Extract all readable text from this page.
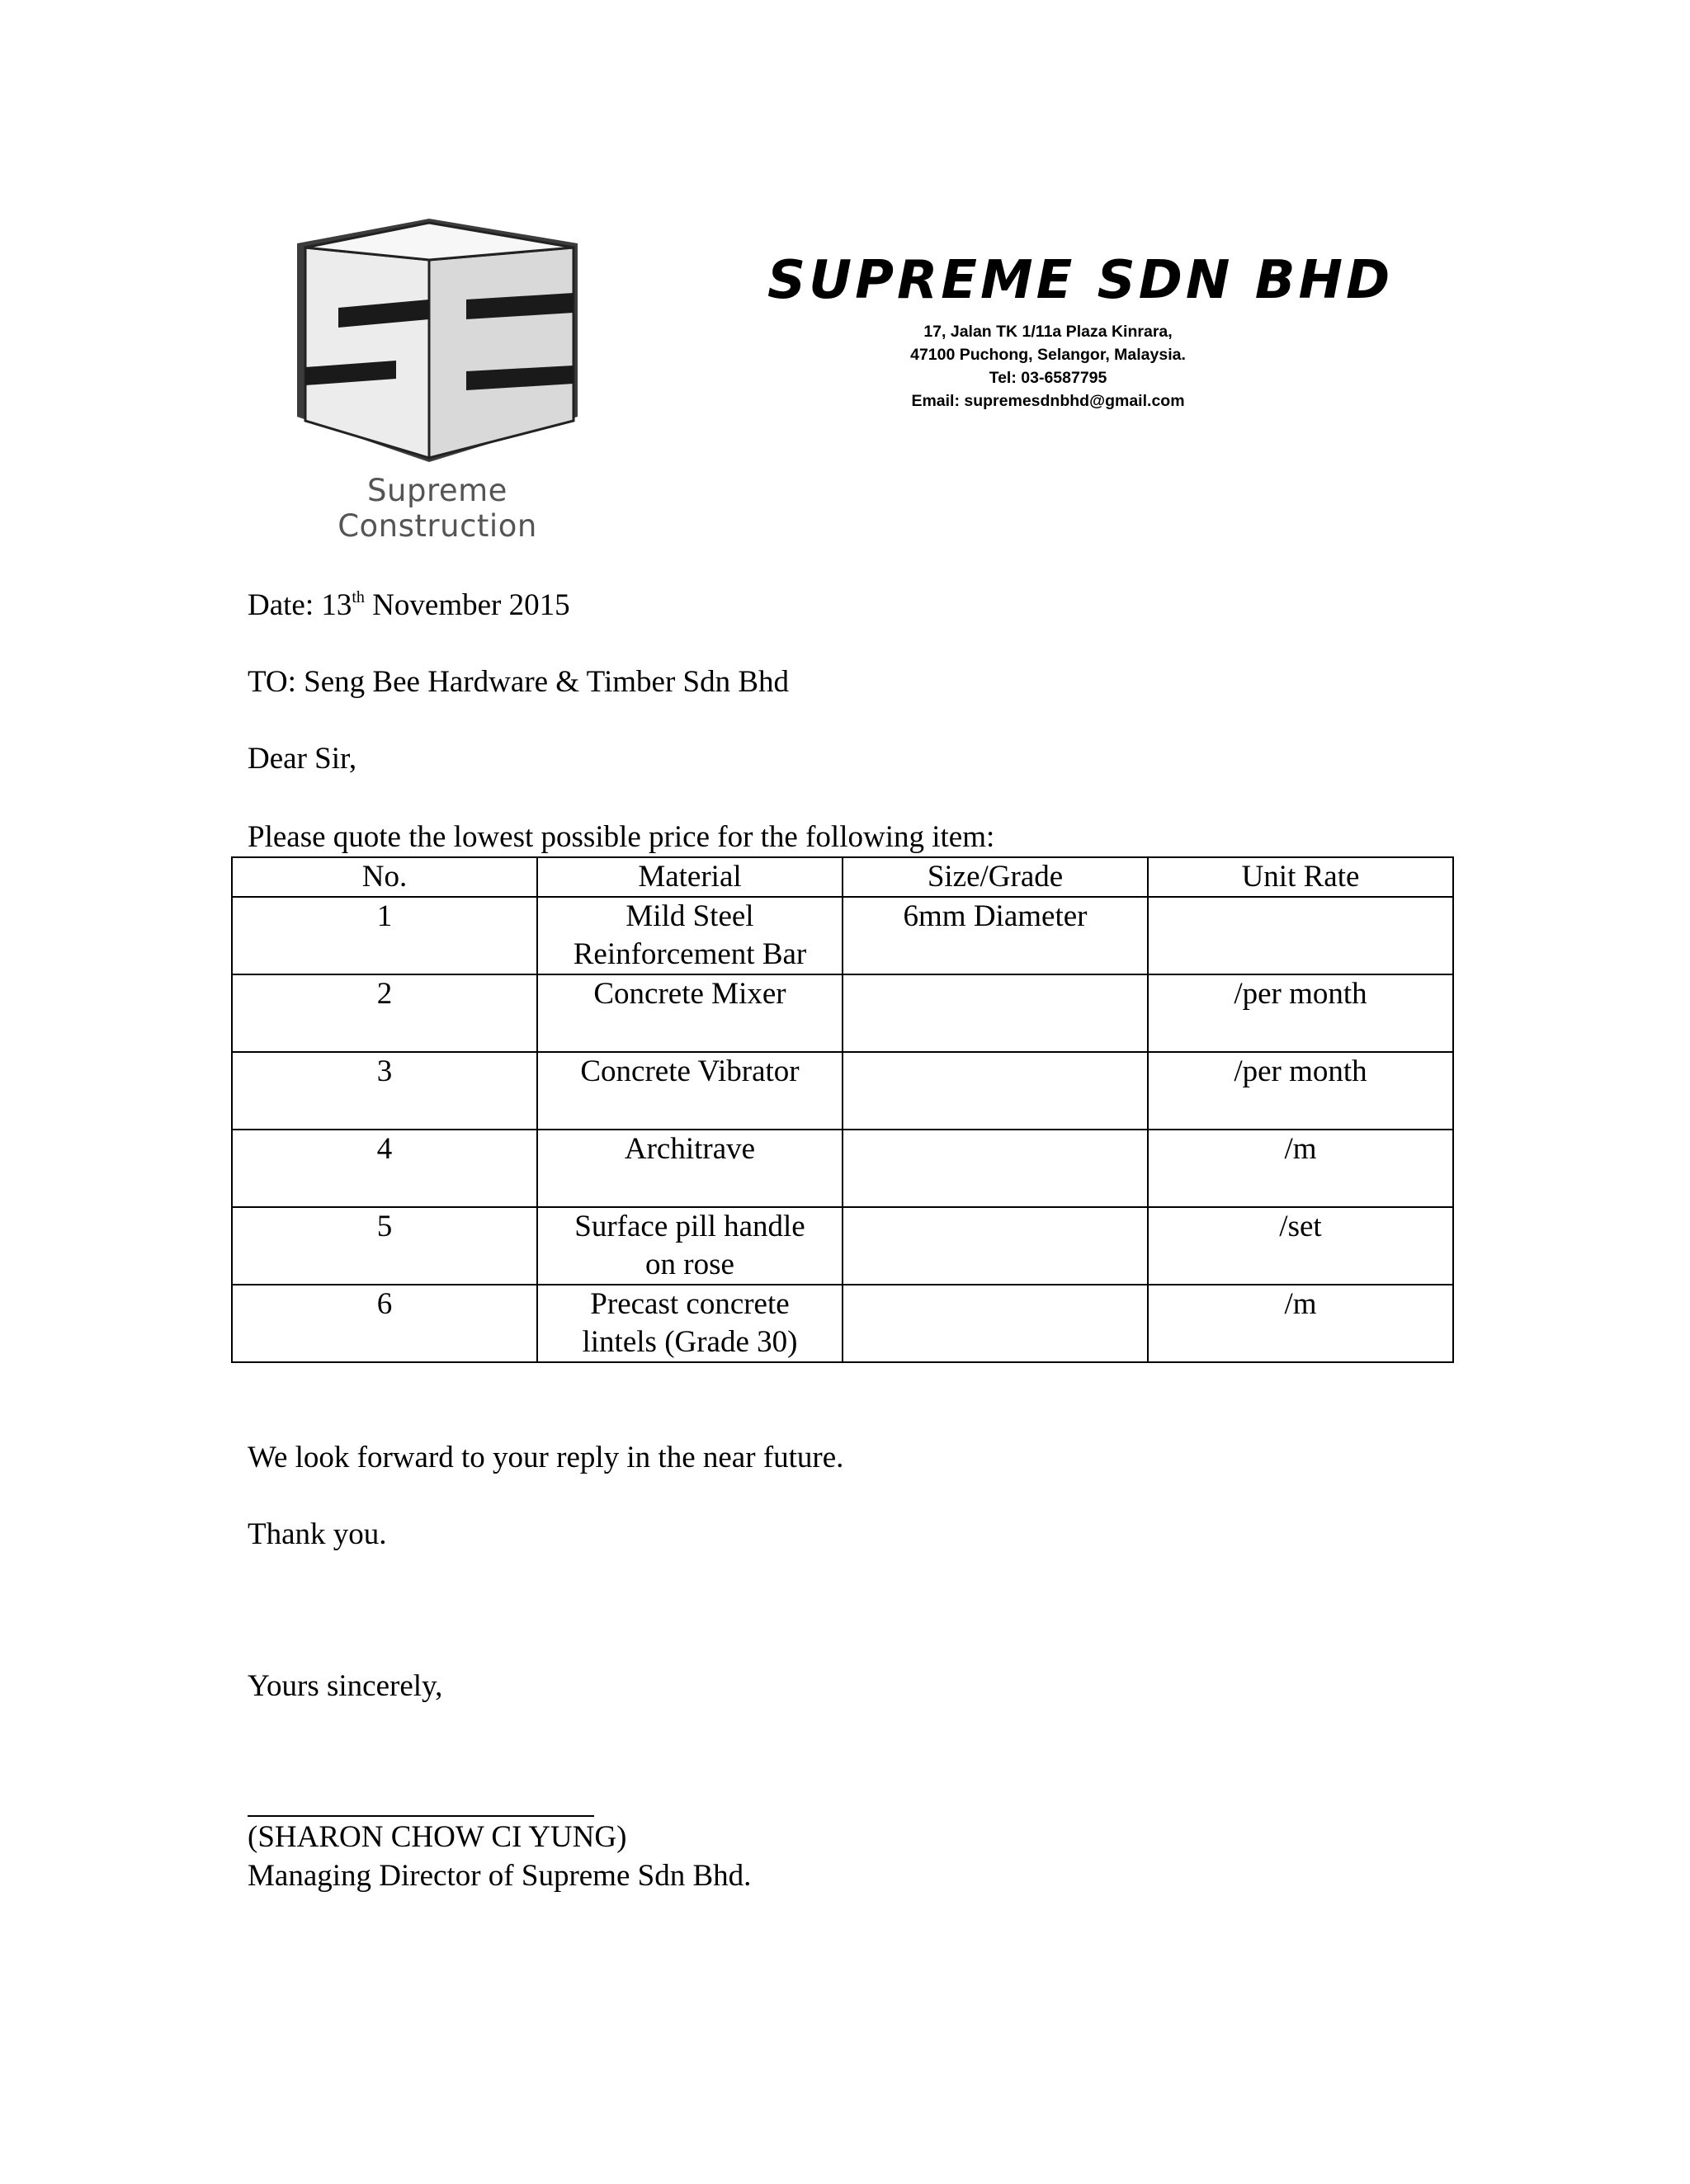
Supreme Construction
SUPREME SDN BHD
17, Jalan TK 1/11a Plaza Kinrara,
47100 Puchong, Selangor, Malaysia.
Tel: 03-6587795
Email: supremesdnbhd@gmail.com
Date: 13th November 2015
TO: Seng Bee Hardware & Timber Sdn Bhd
Dear Sir,
Please quote the lowest possible price for the following item:
No.	Material	Size/Grade	Unit Rate
1	Mild Steel
Reinforcement Bar	6mm Diameter	
2	Concrete Mixer		/per month
3	Concrete Vibrator		/per month
4	Architrave		/m
5	Surface pill handle
on rose		/set
6	Precast concrete
lintels (Grade 30)		/m
We look forward to your reply in the near future.
Thank you.
Yours sincerely,
(SHARON CHOW CI YUNG)
Managing Director of Supreme Sdn Bhd.
